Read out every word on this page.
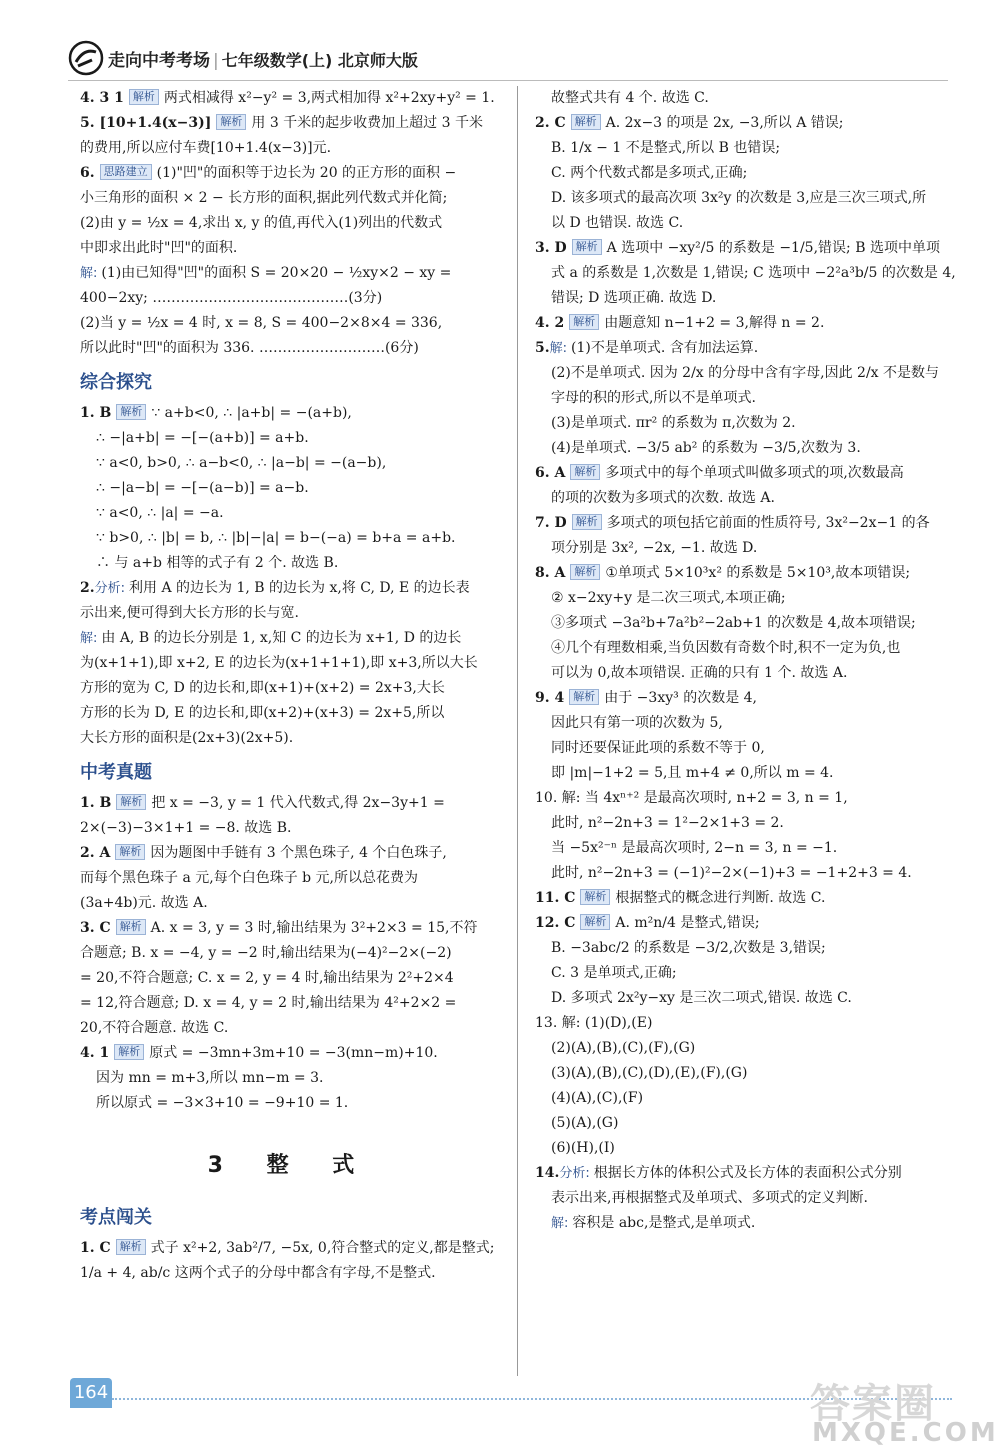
走向中考考场 | 七年级数学(上) 北京师大版
4. 3 1 解析 两式相减得 x²−y² = 3,两式相加得 x²+2xy+y² = 1.
5. [10+1.4(x−3)] 解析 用 3 千米的起步收费加上超过 3 千米
的费用,所以应付车费[10+1.4(x−3)]元.
6. 思路建立 (1)"凹"的面积等于边长为 20 的正方形的面积 −
小三角形的面积 × 2 − 长方形的面积,据此列代数式并化简;
(2)由 y = ½x = 4,求出 x, y 的值,再代入(1)列出的代数式
中即求出此时"凹"的面积.
解: (1)由已知得"凹"的面积 S = 20×20 − ½xy×2 − xy =
400−2xy; ……………………………………(3分)
(2)当 y = ½x = 4 时, x = 8, S = 400−2×8×4 = 336,
所以此时"凹"的面积为 336. ………………………(6分)
综合探究
1. B 解析 ∵ a+b<0, ∴ |a+b| = −(a+b),
∴ −|a+b| = −[−(a+b)] = a+b.
∵ a<0, b>0, ∴ a−b<0, ∴ |a−b| = −(a−b),
∴ −|a−b| = −[−(a−b)] = a−b.
∵ a<0, ∴ |a| = −a.
∵ b>0, ∴ |b| = b, ∴ |b|−|a| = b−(−a) = b+a = a+b.
∴ 与 a+b 相等的式子有 2 个. 故选 B.
2.分析: 利用 A 的边长为 1, B 的边长为 x,将 C, D, E 的边长表
示出来,便可得到大长方形的长与宽.
解: 由 A, B 的边长分别是 1, x,知 C 的边长为 x+1, D 的边长
为(x+1+1),即 x+2, E 的边长为(x+1+1+1),即 x+3,所以大长
方形的宽为 C, D 的边长和,即(x+1)+(x+2) = 2x+3,大长
方形的长为 D, E 的边长和,即(x+2)+(x+3) = 2x+5,所以
大长方形的面积是(2x+3)(2x+5).
中考真题
1. B 解析 把 x = −3, y = 1 代入代数式,得 2x−3y+1 =
2×(−3)−3×1+1 = −8. 故选 B.
2. A 解析 因为题图中手链有 3 个黑色珠子, 4 个白色珠子,
而每个黑色珠子 a 元,每个白色珠子 b 元,所以总花费为
(3a+4b)元. 故选 A.
3. C 解析 A. x = 3, y = 3 时,输出结果为 3²+2×3 = 15,不符
合题意; B. x = −4, y = −2 时,输出结果为(−4)²−2×(−2)
= 20,不符合题意; C. x = 2, y = 4 时,输出结果为 2²+2×4
= 12,符合题意; D. x = 4, y = 2 时,输出结果为 4²+2×2 =
20,不符合题意. 故选 C.
4. 1 解析 原式 = −3mn+3m+10 = −3(mn−m)+10.
因为 mn = m+3,所以 mn−m = 3.
所以原式 = −3×3+10 = −9+10 = 1.
3 整 式
考点闯关
1. C 解析 式子 x²+2, 3ab²/7, −5x, 0,符合整式的定义,都是整式;
1/a + 4, ab/c 这两个式子的分母中都含有字母,不是整式.
故整式共有 4 个. 故选 C.
2. C 解析 A. 2x−3 的项是 2x, −3,所以 A 错误;
B. 1/x − 1 不是整式,所以 B 也错误;
C. 两个代数式都是多项式,正确;
D. 该多项式的最高次项 3x²y 的次数是 3,应是三次三项式,所
以 D 也错误. 故选 C.
3. D 解析 A 选项中 −xy²/5 的系数是 −1/5,错误; B 选项中单项
式 a 的系数是 1,次数是 1,错误; C 选项中 −2²a³b/5 的次数是 4,
错误; D 选项正确. 故选 D.
4. 2 解析 由题意知 n−1+2 = 3,解得 n = 2.
5.解: (1)不是单项式. 含有加法运算.
(2)不是单项式. 因为 2/x 的分母中含有字母,因此 2/x 不是数与
字母的积的形式,所以不是单项式.
(3)是单项式. πr² 的系数为 π,次数为 2.
(4)是单项式. −3/5 ab² 的系数为 −3/5,次数为 3.
6. A 解析 多项式中的每个单项式叫做多项式的项,次数最高
的项的次数为多项式的次数. 故选 A.
7. D 解析 多项式的项包括它前面的性质符号, 3x²−2x−1 的各
项分别是 3x², −2x, −1. 故选 D.
8. A 解析 ①单项式 5×10³x² 的系数是 5×10³,故本项错误;
② x−2xy+y 是二次三项式,本项正确;
③多项式 −3a²b+7a²b²−2ab+1 的次数是 4,故本项错误;
④几个有理数相乘,当负因数有奇数个时,积不一定为负,也
可以为 0,故本项错误. 正确的只有 1 个. 故选 A.
9. 4 解析 由于 −3xy³ 的次数是 4,
因此只有第一项的次数为 5,
同时还要保证此项的系数不等于 0,
即 |m|−1+2 = 5,且 m+4 ≠ 0,所以 m = 4.
10. 解: 当 4xⁿ⁺² 是最高次项时, n+2 = 3, n = 1,
此时, n²−2n+3 = 1²−2×1+3 = 2.
当 −5x²⁻ⁿ 是最高次项时, 2−n = 3, n = −1.
此时, n²−2n+3 = (−1)²−2×(−1)+3 = −1+2+3 = 4.
11. C 解析 根据整式的概念进行判断. 故选 C.
12. C 解析 A. m²n/4 是整式,错误;
B. −3abc/2 的系数是 −3/2,次数是 3,错误;
C. 3 是单项式,正确;
D. 多项式 2x²y−xy 是三次二项式,错误. 故选 C.
13. 解: (1)(D),(E)
(2)(A),(B),(C),(F),(G)
(3)(A),(B),(C),(D),(E),(F),(G)
(4)(A),(C),(F)
(5)(A),(G)
(6)(H),(I)
14.分析: 根据长方体的体积公式及长方体的表面积公式分别
表示出来,再根据整式及单项式、多项式的定义判断.
解: 容积是 abc,是整式,是单项式.
164	答案圈
MXQE.COM
